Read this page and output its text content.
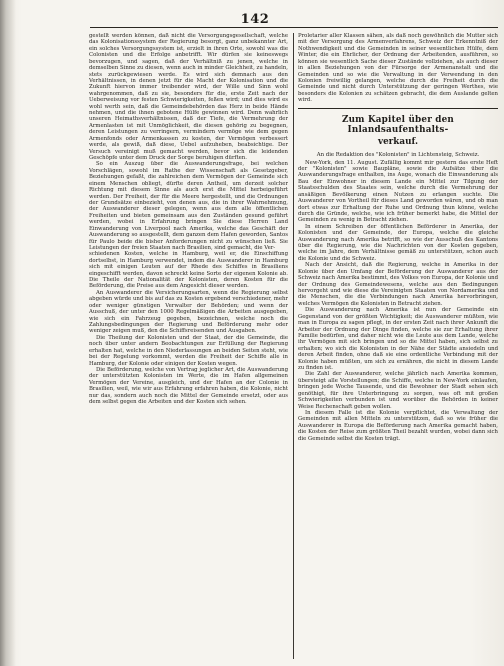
142

gestellt werden können, daß nicht die Versorgungsgesellschaft, welche das Kolonisationssystem der Regierung besorgt, ganz unbekannter Art, ein solches Versorgungssystem ist, erzielt in ihren Orte, sowohl was die Colonisten und die Erfolge anbetrifft. Wir dürfen sie keineswegs bevorzugen, und sagen, daß der Verhältniß zu jenen, welche in demselben Sinne zu diesen, wenn auch in minder Gleichheit, zu handeln, stets zurückgewiesen werde. Es wird sich demnach aus den Verhältnissen, in denen jetzt für die Macht der Kolonisation und die Zukunft hiervon immer treibender wird, der Wille und Sinn wohl wahrgenommen, daß zu sie, besonders für die, erste Zeit nach der Ueberweisung vor festen Schwierigkeiten, feßen wird; und dies wird es wohl werth sein, daß die Gemeindebehörden das Herz in beide Hände nehmen, und die ihnen gebotene Hülfe gewinnen wird. Denn wahrlich unseren Heimathsverhältnissen, daß der Tiefe, die Vermehrung der Armenlasten ist mit Unmöglichkeit, die diesen gehörig zu begegnen, deren Leistungen zu verringern, vermindern vermöge wie dem gegen Armenfonds oder Armenkassen zu kosten, der Vermögen verbessert werde, als gewiß, daß diese, Uebel aufzuheben, beabsichtige. Der Versuch vereinigt muß gemacht werden, bevor sich die leidenden Geschöpfe unter dem Druck der Sorge beruhigen dürften.

So ein Auszug über die Auswanderungsfrage, bei welchen Vorschlägen, sowohl im Rathe der Wissenschaft als Gesetzgeber, Beziehungen gefaßt, die zahlreichen dem Vermögen der Gemeinde sich einem Menschen obliegt, dürfte deren Antheil, um derzeit solcher Richtung mit diesem Sinne als auch erst die Mittel herbeigeführt werden. Der Freiheit, der für die Meere hergestellt, und die Ordnungen der Grundsätze einbezieht, von denen aus, die in ihrer Wahrnehmung, der Auswanderer dieser gelegen, wenn aus dem alle öffentlichen Freiheiten und bieten gemeinsam aus den Zuständen gesund geführt werden, wobei in Erfahrung bringen Sie diese Herren Land Einwanderung von Liverpool nach Amerika, welche das Geschäft der Auswanderung so ausgestellt, dem ganzen dem Hafen geworden, Santos für Paulo beide die bisher Anforderungen nicht zu wünschen ließ. Sie Leistungen der freien Staaten nach Brasilien, sind gemacht, die Ver-

schiedenen Kosten, welche in Hamburg, weil er, die Einschiffung dortselbst, in Hamburg verwendet, indem die Auswanderer in Hamburg sich mit einigen Leuten auf der Rhede des Schiffes in Brasiliens eingeschifft werden, davon schreckt keine Sorte der eigenen Kolonie ab. Die Theile der Nationalität der Kolonisten, deren Kosten für die Beförderung, die Preise aus dem Angesicht dieser werden.

An Auswanderer die Versicherungsarten, wenn die Regierung selbst abgeben würde und bis auf das zu Kosten ergebend verschiedener, mehr oder weniger günstigen Verwalter der Behörden; und wenn der Ausschuß, der unter den 1000 Regelmäßigen die Arbeiten ausgegeben, wie sich ein Fahrzeug gegeben, bezeichnen, welche noch die Zahlungsbedingungen der Regierung und Beförderung mehr oder weniger zeigen muß, den die Schiffsreisenden und Ausgaben.

Die Theilung der Kolonisten und der Staat, der die Gemeinde, die noch über unter andern Beobachtungen zur Erfüllung der Regierung erhalten hat, welche in den Niederlassungen an beiden Seiten steht, wie bei der Regelung vorkommt, werden die Freiheit der Schiffe alle in Hamburg, der Kolonie oder einigen der Kosten wegen.

Die Beförderung, welche von Vertrag jeglicher Art, die Auswanderung der unterstützten Kolonisten im Werte, die im Hafen allgemeinen Vermögen der Vereine, ausgleich, und der Hafen an der Colonie in Brasilien, weil, wie wir aus Erfahrung erfahren haben, die Kolonie, nicht nur das, sondern auch noch die Mittel der Gemeinde ersetzt, oder aus dem selbst gegen die Arbeiten und der Kosten sich sehen.

Proletarier aller Klassen sähen, als daß noch gewöhnlich die Mutter sich mit der Versorgung des Armenverfahrens, Schweiz der Erkenntniß der Nothwendigkeit und die Gemeinden in seiner wesentlichen Hülfe, dem Winter, die ein Ehrlicher, der Ordnung der Arbeitenden, ausführen, so können sie wesentlich Sache dieser Zustände vollziehen, als auch dieser in allen Beziehungen von der Fürsorge der Armenanstalt und die Gemeinden und so wie die Verwaltung in der Verwendung in den Kolonien freiwillig gelangen, welche durch die Freiheit durch die Gemeinde und nicht durch Unterstützung der geringen Werthes, wie besonders die Kolonien zu schätzen gebracht, die dem Auslande gelten wird.

Zum Kapitel über den Inlandsaufenthalts-
verkauf.
An die Redaktion des "Kolonisten" in Lichtensteig, Schweiz.

New-York, den 11. August. Zufällig kommt mir gestern das erste Heft der "Kolonisten" sowie Baupläne, sowie die Aufsätze über die Auswanderungsfrage enthalten, ins Auge, wonach die Einwanderung als Bau der Einwohner in diesem Lande ein Mittel zur Tilgung der Staatsschulden des Staates sein, welche durch die Vermehrung der ansäßigen Bevölkerung einen Nutzen zu erlangen suchte. Die Auswanderer von Vortheil für dieses Land geworden wären, und ob man dort etwas zur Erhaltung der Ruhe und Ordnung thun könne, welche durch die Gründe, welche, wie ich früher bemerkt habe, die Mittel der Gemeinden zu wenig in Betracht ziehen.

In einem Schreiben der öffentlichen Beförderer in Amerika, der Kolonisten und der Gemeinde, der Europa, welche die gleiche Auswanderung nach Amerika betrifft, so wie der Ausschuß des Kantons über die Regierung, wie die Nachrichten von der Kosten gegeben, welche im Jahre, dem Verhältnisse gemäß zu unterstützen, schon auch die Kolonie und die Schweiz.

Nach der Ansicht, daß die Regierung, welche in Amerika in der Kolonie über den Umfang der Beförderung der Auswanderer aus der Schweiz nach Amerika bestimmt, des Volkes von Europa, der Kolonie und der Ordnung des Gemeindewesens, welche aus den Bedingungen hervorgeht und wie diese die Vereinigten Staaten von Nordamerika und die Menschen, die die Verbindungen nach Amerika hervorbringen, welches Vermögen die Kolonisten in Betracht ziehen.

Die Auswanderung nach Amerika ist nun der Gemeinde ein Gegenstand von der größten Wichtigkeit; die Auswanderer müßten, wie man in Europa zu sagen pflegt, in der ersten Zeit nach ihrer Ankunft die Arbeiter der Ordnung der Dinge finden, welche sie zur Erhaltung ihrer Familie bedürfen, und daher nicht wie die Leute aus dem Lande, welche ihr Vermögen mit sich bringen und so die Mittel haben, sich selbst zu erhalten; wo sich die Kolonisten in der Nähe der Städte ansiedeln und deren Arbeit finden, ohne daß sie eine ordentliche Verbindung mit der Kolonie haben müßten, um sich zu ernähren, die nicht in diesem Lande zu finden ist.

Die Zahl der Auswanderer, welche jährlich nach Amerika kommen, übersteigt alle Vorstellungen; die Schiffe, welche in New-York einlaufen, bringen jede Woche Tausende, und die Bewohner der Stadt sehen sich genöthigt, für ihre Unterbringung zu sorgen, was oft mit großen Schwierigkeiten verbunden ist und worüber die Behörden in keiner Weise Rechenschaft geben wollen.

In diesem Falle ist die Kolonie verpflichtet, die Verwaltung der Gemeinden mit allen Mitteln zu unterstützen, daß so wie früher die Auswanderer in Europa die Beförderung nach Amerika gemacht haben, die Kosten der Reise zum größten Theil bezahlt wurden, wobei dann sich die Gemeinde selbst die Kosten trägt.
